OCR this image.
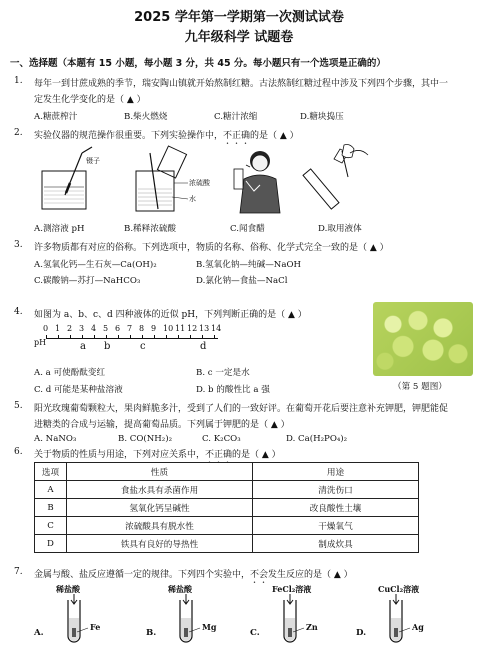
2025 学年第一学期第一次测试试卷
九年级科学 试题卷
一、选择题（本题有 15 小题，每小题 3 分，共 45 分。每小题只有一个选项是正确的）
1. 每年一到甘蔗成熟的季节，瑞安陶山镇就开始熬制红糖。古法熬制红糖过程中涉及下列四个步骤，其中一
定发生化学变化的是（ ▲ ）
A.糖蔗榨汁	B.柴火燃烧	C.糖汁浓缩	D.糖块捣压
2. 实验仪器的规范操作很重要。下列实验操作中，不正确的是（ ▲ ）
镊子
浓硫酸
水
A.测溶液 pH	B.稀释浓硫酸	C.闻食醋	D.取用液体
3. 许多物质都有对应的俗称。下列选项中，物质的名称、俗称、化学式完全一致的是（ ▲ ）
A.氢氧化钙—生石灰—Ca(OH)₂	B.氢氧化钠—纯碱—NaOH
C.碳酸钠—苏打—NaHCO₃	D.氯化钠—食盐—NaCl
4. 如图为 a、b、c、d 四种液体的近似 pH，下列判断正确的是（ ▲ ）
pH
0 1 2 3 4 5 6 7 8 9 10 11 12 13 14
a b	c	d
（第 5 题图）
A. a 可使酚酞变红	B. c 一定是水
C. d 可能是某种盐溶液	D. b 的酸性比 a 强
5. 阳光玫瑰葡萄颗粒大，果肉鲜脆多汁，受到了人们的一致好评。在葡萄开花后要注意补充钾肥，钾肥能促
进糖类的合成与运输，提高葡萄品质。下列属于钾肥的是（ ▲ ）
A. NaNO₃	B. CO(NH₂)₂	C. K₂CO₃	D. Ca(H₂PO₄)₂
6. 关于物质的性质与用途，下列对应关系中，不正确的是（ ▲ ）
选项	性质	用途
A	食盐水具有杀菌作用	清洗伤口
B	氢氧化钙呈碱性	改良酸性土壤
C	浓硫酸具有脱水性	干燥氧气
D	铁具有良好的导热性	制成炊具
7. 金属与酸、盐反应遵循一定的规律。下列四个实验中，不会发生反应的是（ ▲ ）
稀盐酸
Fe
A.
稀盐酸
Mg
B.
FeCl₂溶液
Zn
C.
CuCl₂溶液
Ag
D.
